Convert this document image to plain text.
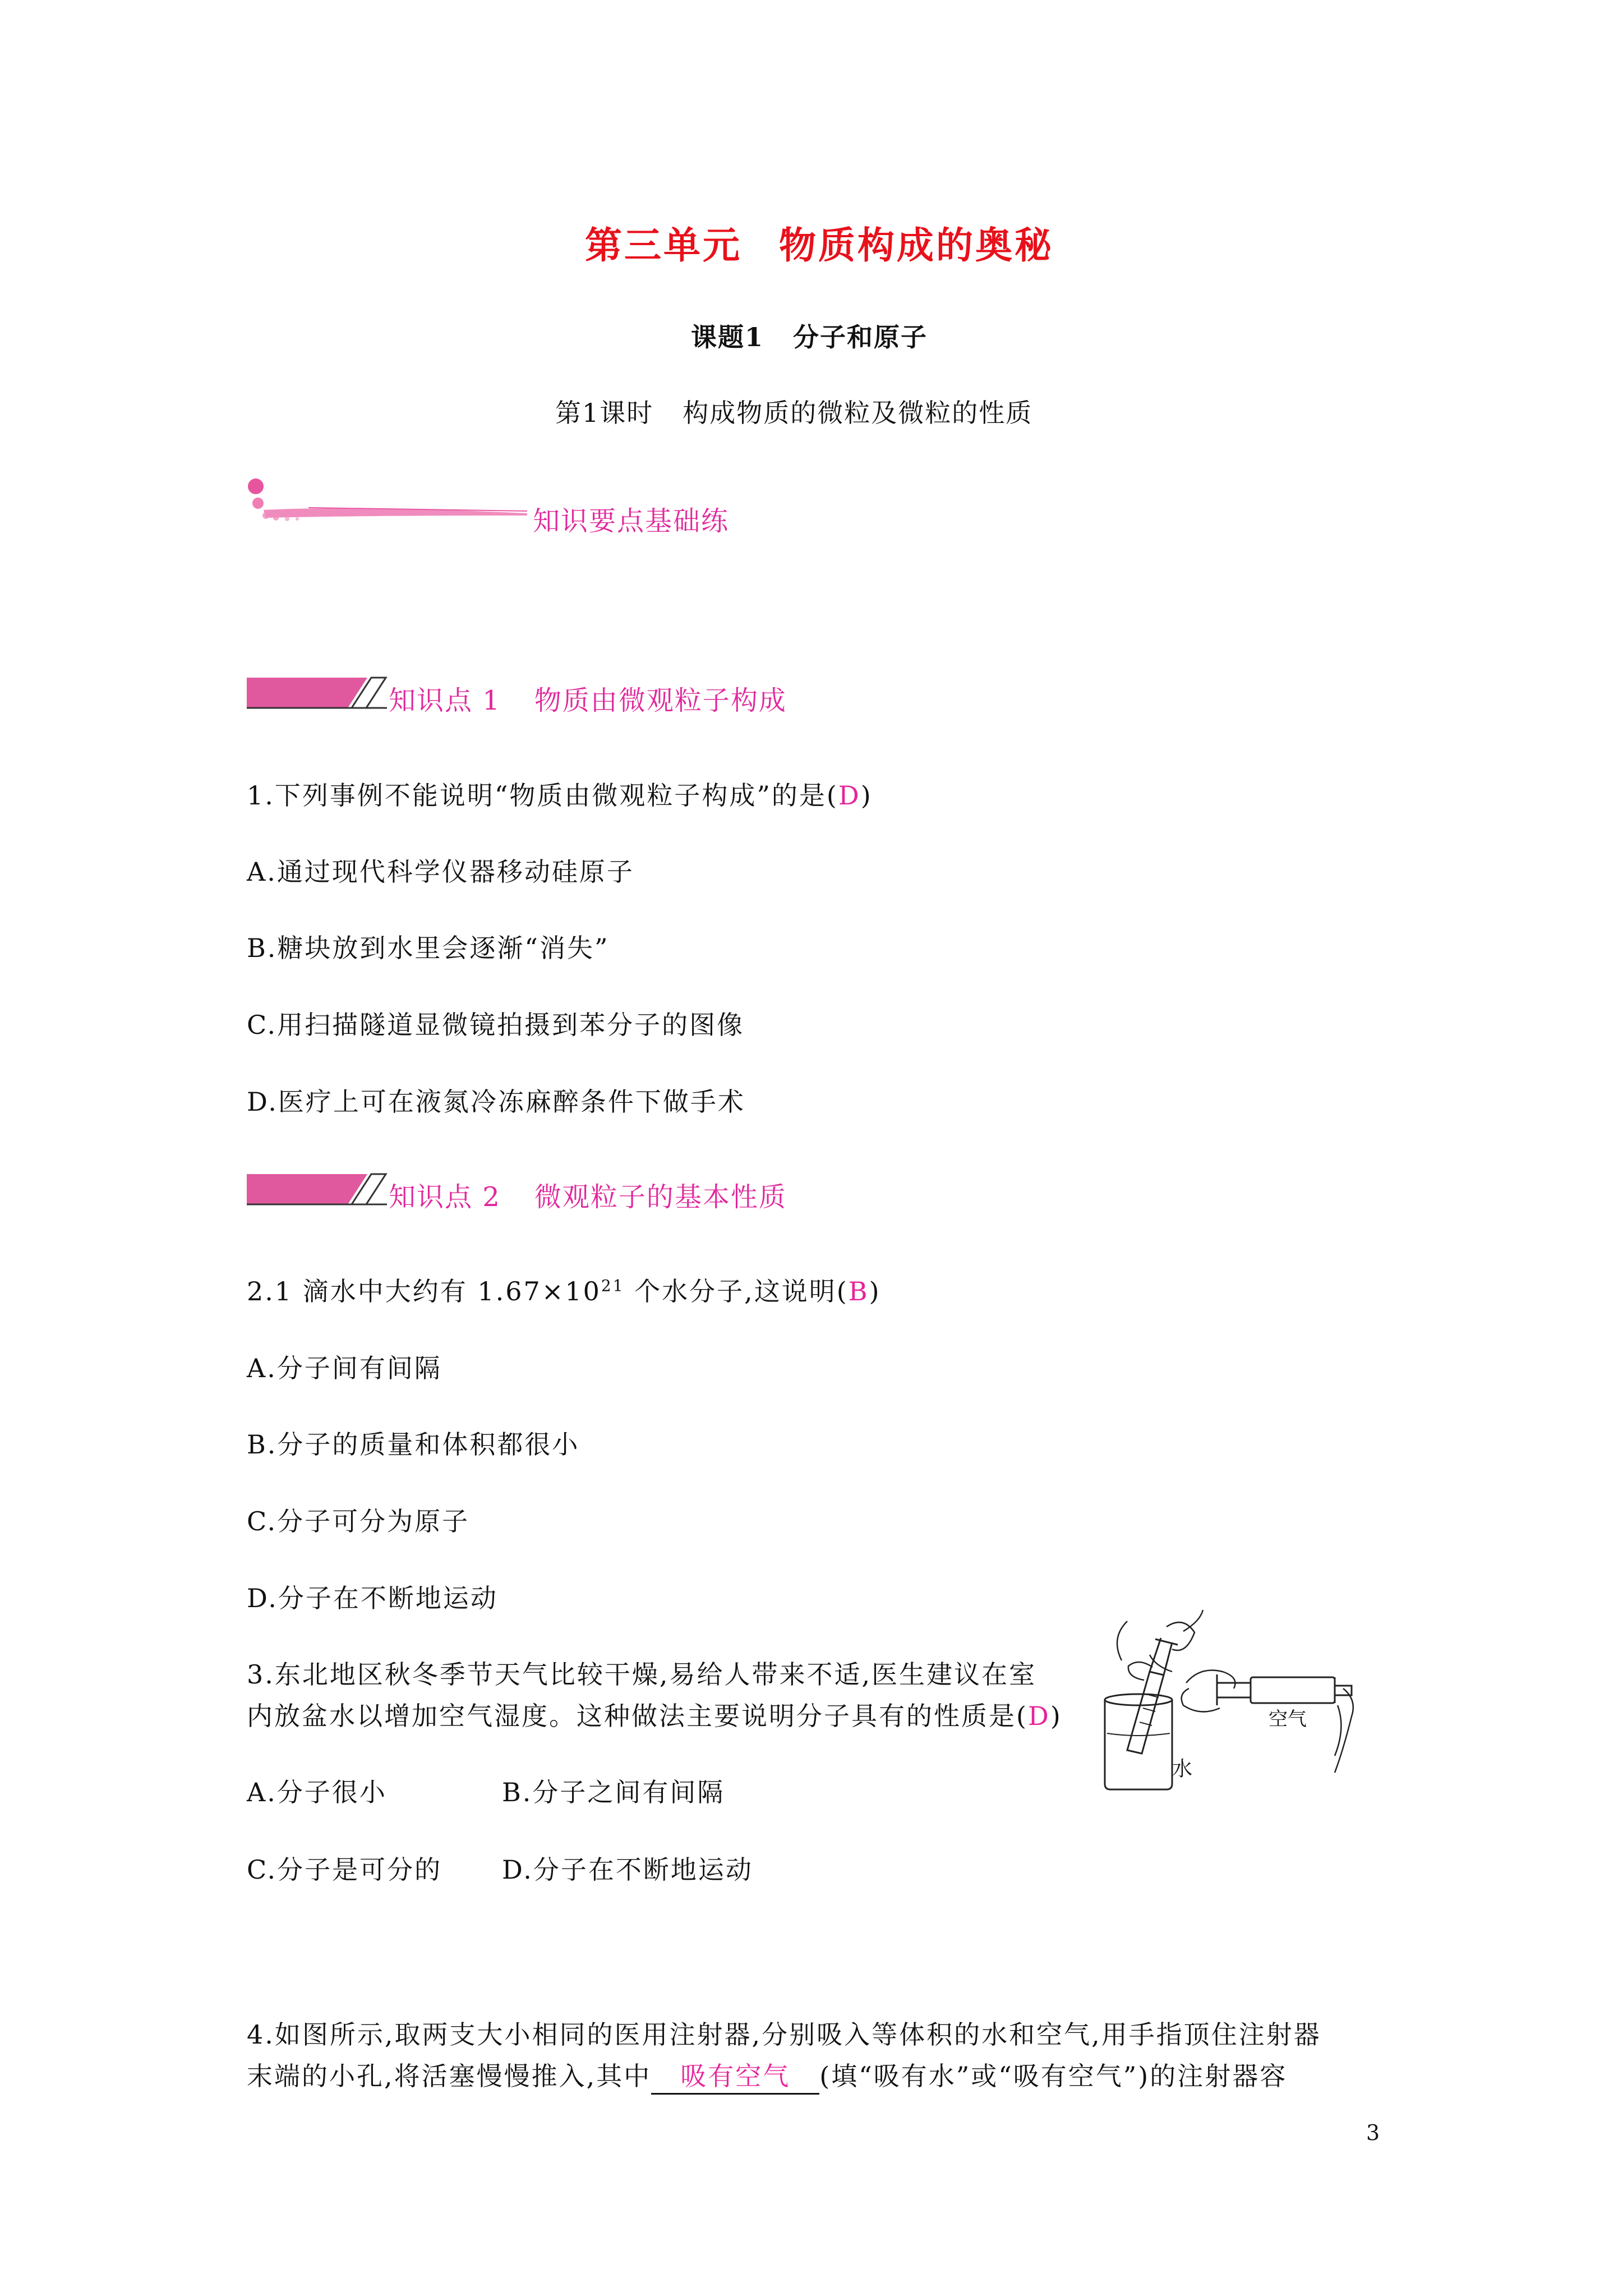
第三单元 物质构成的奥秘
课题1 分子和原子
第1课时 构成物质的微粒及微粒的性质
知识要点基础练
知识点 1 物质由微观粒子构成
1.下列事例不能说明“物质由微观粒子构成”的是(D)
A.通过现代科学仪器移动硅原子
B.糖块放到水里会逐渐“消失”
C.用扫描隧道显微镜拍摄到苯分子的图像
D.医疗上可在液氮冷冻麻醉条件下做手术
知识点 2 微观粒子的基本性质
2.1 滴水中大约有 $1.67\times 10^{21}$ 个水分子,这说明(B)
A.分子间有间隔
B.分子的质量和体积都很小
C.分子可分为原子
D.分子在不断地运动
3.东北地区秋冬季节天气比较干燥,易给人带来不适,医生建议在室
内放盆水以增加空气湿度。这种做法主要说明分子具有的性质是(D)
A.分子很小	B.分子之间有间隔
C.分子是可分的 D.分子在不断地运动
水
空气
4.如图所示,取两支大小相同的医用注射器,分别吸入等体积的水和空气,用手指顶住注射器
末端的小孔,将活塞慢慢推入,其中 吸有空气 (填“吸有水”或“吸有空气”)的注射器容
3
